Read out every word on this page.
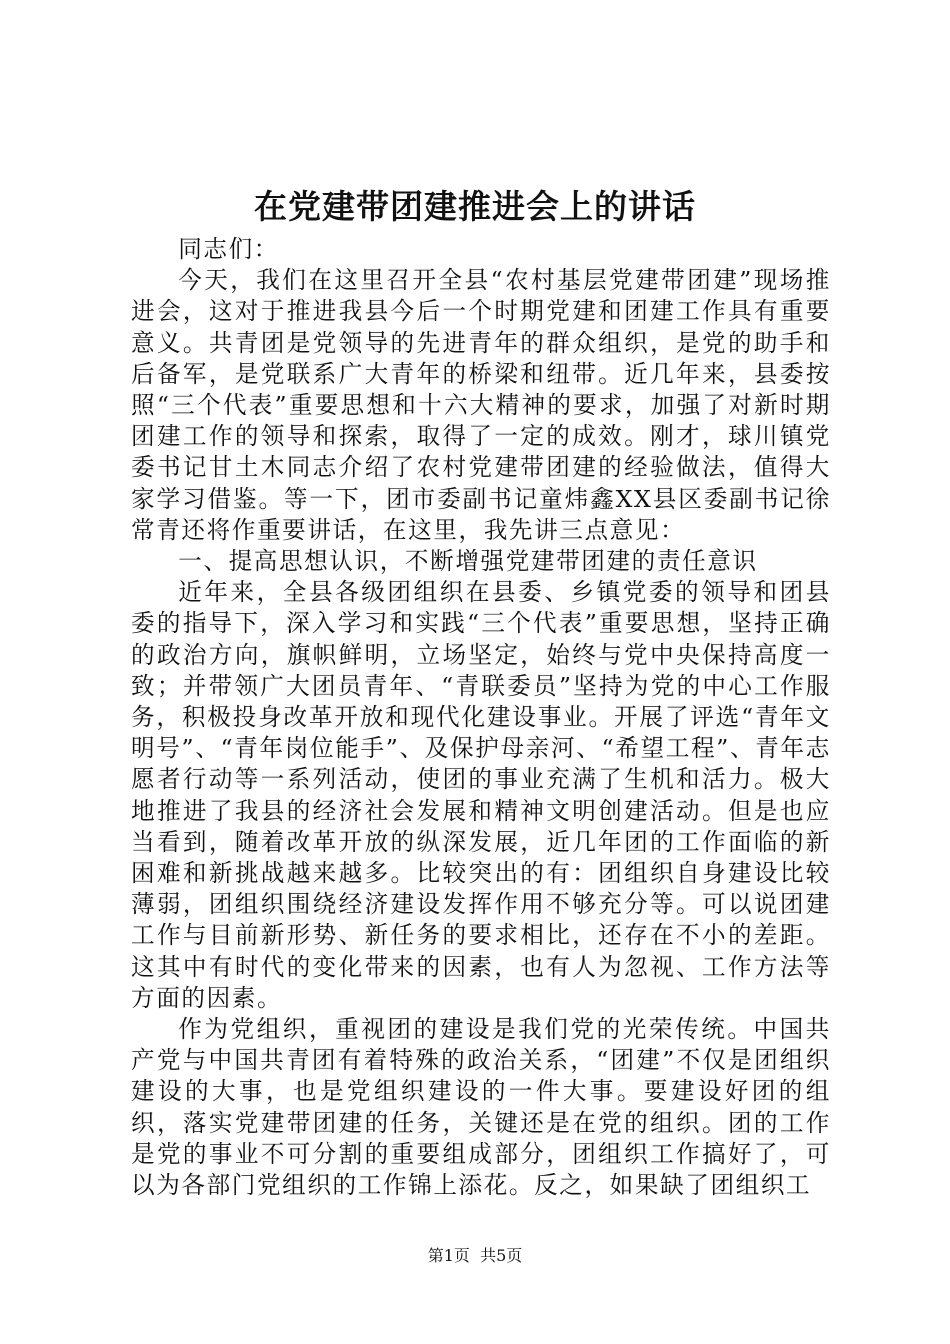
在党建带团建推进会上的讲话

同志们：

今天，我们在这里召开全县“农村基层党建带团建”现场推进会，这对于推进我县今后一个时期党建和团建工作具有重要意义。共青团是党领导的先进青年的群众组织，是党的助手和后备军，是党联系广大青年的桥梁和纽带。近几年来，县委按照“三个代表”重要思想和十六大精神的要求，加强了对新时期团建工作的领导和探索，取得了一定的成效。刚才，球川镇党委书记甘土木同志介绍了农村党建带团建的经验做法，值得大家学习借鉴。等一下，团市委副书记童炜鑫XX县区委副书记徐常青还将作重要讲话，在这里，我先讲三点意见：

一、提高思想认识，不断增强党建带团建的责任意识

近年来，全县各级团组织在县委、乡镇党委的领导和团县委的指导下，深入学习和实践“三个代表”重要思想，坚持正确的政治方向，旗帜鲜明，立场坚定，始终与党中央保持高度一致；并带领广大团员青年、“青联委员”坚持为党的中心工作服务，积极投身改革开放和现代化建设事业。开展了评选“青年文明号”、“青年岗位能手”、及保护母亲河、“希望工程”、青年志愿者行动等一系列活动，使团的事业充满了生机和活力。极大地推进了我县的经济社会发展和精神文明创建活动。但是也应当看到，随着改革开放的纵深发展，近几年团的工作面临的新困难和新挑战越来越多。比较突出的有：团组织自身建设比较薄弱，团组织围绕经济建设发挥作用不够充分等。可以说团建工作与目前新形势、新任务的要求相比，还存在不小的差距。这其中有时代的变化带来的因素，也有人为忽视、工作方法等方面的因素。

作为党组织，重视团的建设是我们党的光荣传统。中国共产党与中国共青团有着特殊的政治关系，“团建”不仅是团组织建设的大事，也是党组织建设的一件大事。要建设好团的组织，落实党建带团建的任务，关键还是在党的组织。团的工作是党的事业不可分割的重要组成部分，团组织工作搞好了，可以为各部门党组织的工作锦上添花。反之，如果缺了团组织工

第1页 共5页
